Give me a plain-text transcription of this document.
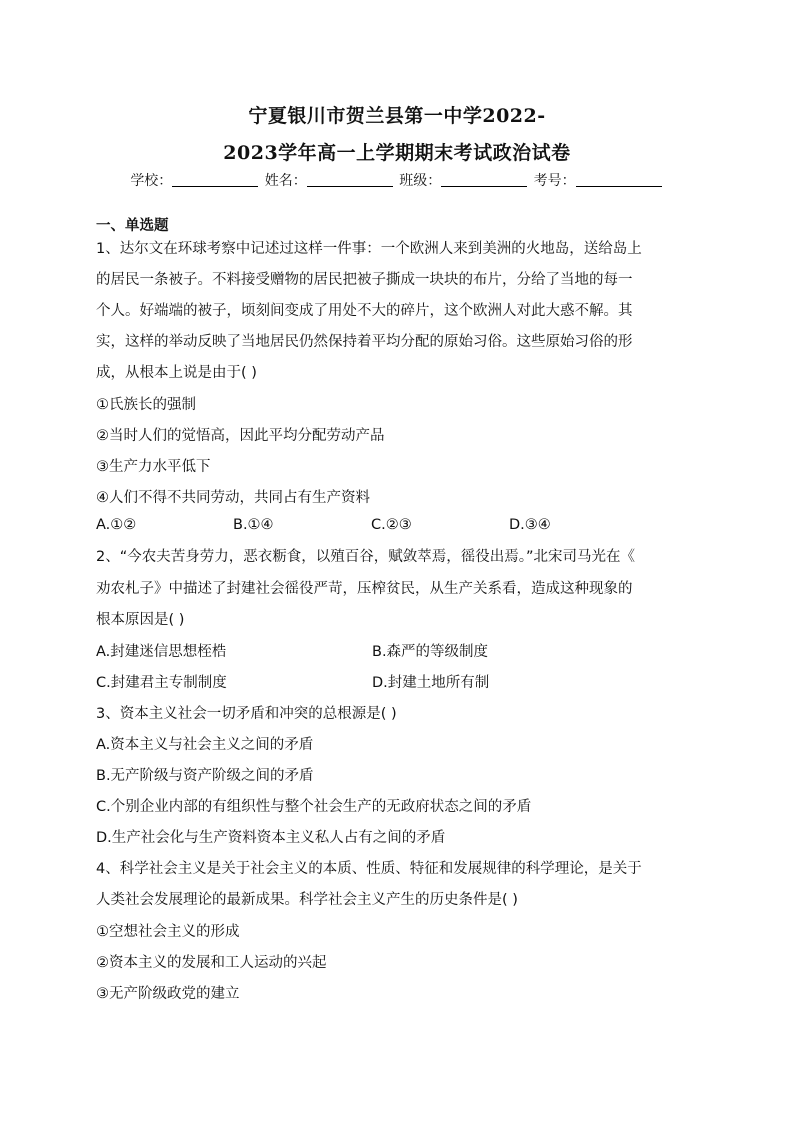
宁夏银川市贺兰县第一中学2022-
2023学年高一上学期期末考试政治试卷
学校：	姓名：	班级：	考号：
一、单选题
1、达尔文在环球考察中记述过这样一件事：一个欧洲人来到美洲的火地岛，送给岛上
的居民一条被子。不料接受赠物的居民把被子撕成一块块的布片，分给了当地的每一
个人。好端端的被子，顷刻间变成了用处不大的碎片，这个欧洲人对此大惑不解。其
实，这样的举动反映了当地居民仍然保持着平均分配的原始习俗。这些原始习俗的形
成，从根本上说是由于( )
①氏族长的强制
②当时人们的觉悟高，因此平均分配劳动产品
③生产力水平低下
④人们不得不共同劳动，共同占有生产资料
A.①②	B.①④	C.②③	D.③④
2、“今农夫苦身劳力，恶衣粝食，以殖百谷，赋敛萃焉，徭役出焉。”北宋司马光在《
劝农札子》中描述了封建社会徭役严苛，压榨贫民，从生产关系看，造成这种现象的
根本原因是( )
A.封建迷信思想桎梏	B.森严的等级制度
C.封建君主专制制度	D.封建土地所有制
3、资本主义社会一切矛盾和冲突的总根源是( )
A.资本主义与社会主义之间的矛盾
B.无产阶级与资产阶级之间的矛盾
C.个别企业内部的有组织性与整个社会生产的无政府状态之间的矛盾
D.生产社会化与生产资料资本主义私人占有之间的矛盾
4、科学社会主义是关于社会主义的本质、性质、特征和发展规律的科学理论，是关于
人类社会发展理论的最新成果。科学社会主义产生的历史条件是( )
①空想社会主义的形成
②资本主义的发展和工人运动的兴起
③无产阶级政党的建立
